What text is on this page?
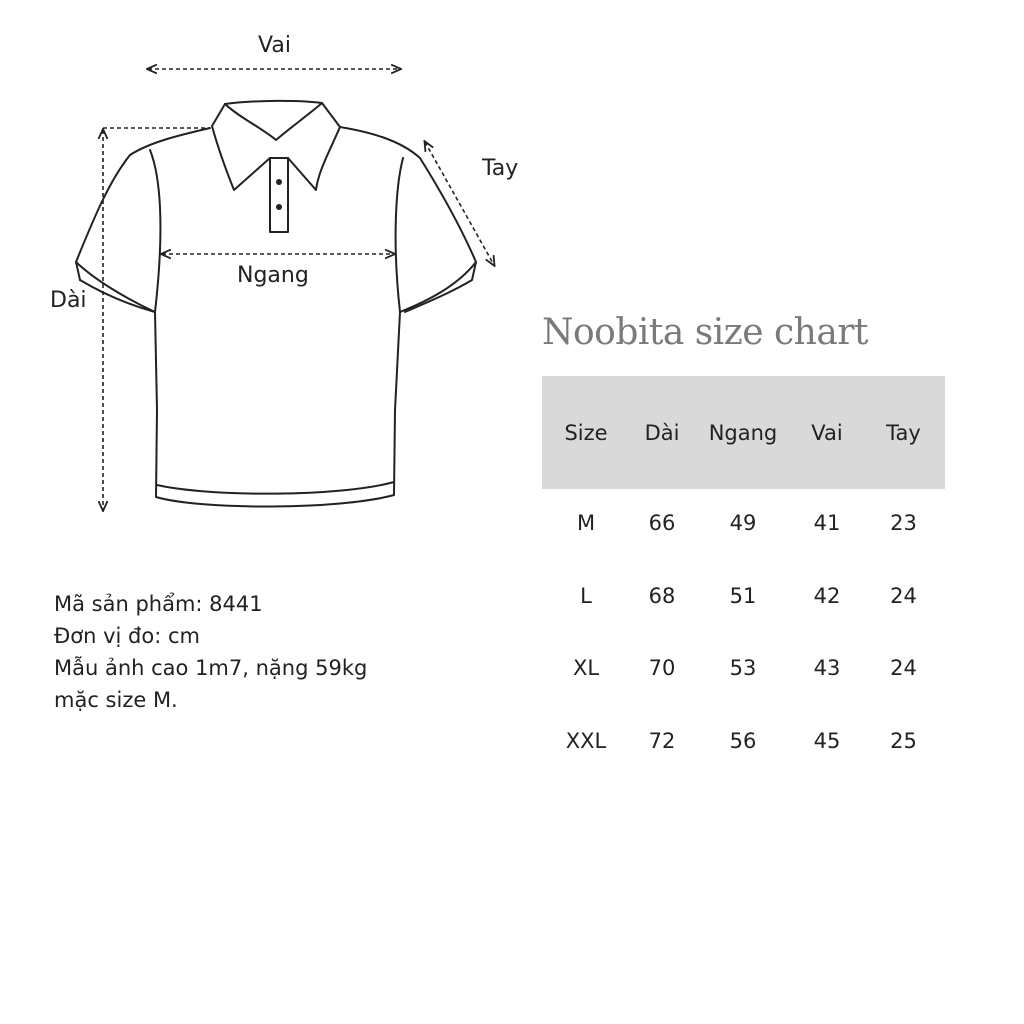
Vai
Tay
Ngang
Dài
Mã sản phẩm: 8441
Đơn vị đo: cm
Mẫu ảnh cao 1m7, nặng 59kg
mặc size M.
Noobita size chart
Size	Dài	Ngang	Vai	Tay
M	66	49	41	23
L	68	51	42	24
XL	70	53	43	24
XXL	72	56	45	25
